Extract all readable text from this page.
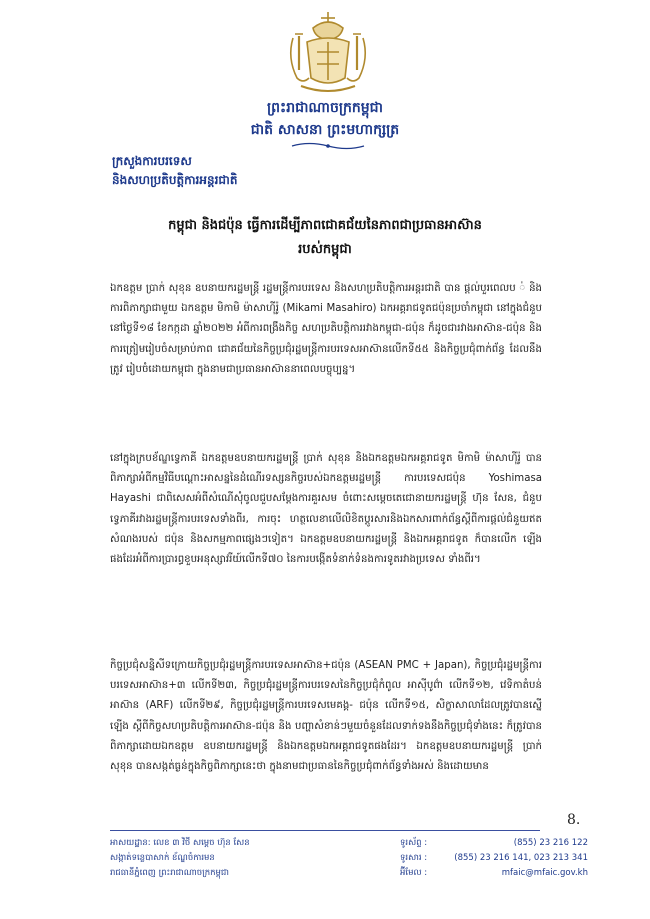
ព្រះរាជាណាចក្រកម្ពុជា
ជាតិ សាសនា ព្រះមហាក្សត្រ
ក្រសួងការបរទេស
និងសហប្រតិបត្តិការអន្តរជាតិ
កម្ពុជា និងជប៉ុន ធ្វើការដើម្បីភាពជោគជ័យនៃភាពជាប្រធានអាស៊ាន
របស់កម្ពុជា
ឯកឧត្តម ប្រាក់ សុខុន ឧបនាយករដ្ឋមន្ត្រី រដ្ឋមន្ត្រីការបរទេស និងសហប្រតិបត្តិការអន្តរជាតិ បាន ផ្ដល់បួរពេលប ់ និងការពិភាក្សាជាមួយ ឯកឧត្តម មិកាមិ ម៉ាសាហ៊ីរ៉ូ (Mikami Masahiro) ឯកអគ្គរាជទូតជប៉ុនប្រចាំកម្ពុជា នៅក្នុងជំនួបនៅថ្ងៃទី១៨ ខែកក្កដា ឆ្នាំ២០២២ អំពីការពង្រឹងកិច្ច សហប្រតិបត្តិការរវាងកម្ពុជា-ជប៉ុន ក៏ដូចជារវាងអាស៊ាន-ជប៉ុន និងការត្រៀមរៀបចំសម្រាប់ភាព ជោគជ័យនៃកិច្ចប្រជុំរដ្ឋមន្ត្រីការបរទេសអាស៊ានលើកទី៥៥ និងកិច្ចប្រជុំពាក់ព័ន្ធ ដែលនឹងត្រូវ រៀបចំដោយកម្ពុជា ក្នុងនាមជាប្រធានអាស៊ាននាពេលបច្ចុប្បន្ន។
នៅក្នុងក្របខ័ណ្ឌទ្វេភាគី ឯកឧត្តមឧបនាយករដ្ឋមន្ត្រី ប្រាក់ សុខុន និងឯកឧត្តមឯកអគ្គរាជទូត មិកាមិ ម៉ាសាហ៊ីរ៉ូ បានពិភាក្សាអំពីកម្មវិធីបណ្ដោះអាសន្ននៃដំណើរទស្សនកិច្ចរបស់ឯកឧត្តមរដ្ឋមន្ត្រី ការបរទេសជប៉ុន Yoshimasa Hayashi ជាពិសេសអំពីសំណើសុំចូលជួបសម្ដែងការគួរសម ចំពោះសម្ដេចតេជោនាយករដ្ឋមន្ត្រី ហ៊ុន សែន, ជំនួបទ្វេភាគីរវាងរដ្ឋមន្ត្រីការបរទេសទាំងពីរ, ការចុះ ហត្ថលេខាលើលិខិតប្ដូរសារនិងឯកសារពាក់ព័ន្ធស្ដីពីការផ្ដល់ជំនួយឥតសំណងរបស់ ជប៉ុន និងសកម្មភាពផ្សេងៗទៀត។ ឯកឧត្តមឧបនាយករដ្ឋមន្ត្រី និងឯកអគ្គរាជទូត ក៏បានលើក ឡើងផងដែរអំពីការប្រារព្ធខួបអនុស្សាវរីយ៍លើកទី៧០ នៃការបង្កើតទំនាក់ទំនងការទូតរវាងប្រទេស ទាំងពីរ។
កិច្ចប្រជុំសន្និសីទក្រោយកិច្ចប្រជុំរដ្ឋមន្ត្រីការបរទេសអាស៊ាន+ជប៉ុន (ASEAN PMC + Japan), កិច្ចប្រជុំរដ្ឋមន្ត្រីការបរទេសអាស៊ាន+៣ លើកទី២៣, កិច្ចប្រជុំរដ្ឋមន្ត្រីការបរទេសនៃកិច្ចប្រជុំកំពូល អាស៊ីបូព៌ា លើកទី១២, វេទិកាតំបន់អាស៊ាន (ARF) លើកទី២៩, កិច្ចប្រជុំរដ្ឋមន្ត្រីការបរទេសមេគង្គ- ជប៉ុន លើកទី១៥, សិក្ខាសាលាដែលត្រូវបានស្នើឡើង ស្ដីពីកិច្ចសហប្រតិបត្តិការអាស៊ាន-ជប៉ុន និង បញ្ហាសំខាន់ៗមួយចំនួនដែលទាក់ទងនឹងកិច្ចប្រជុំទាំងនេះ ក៏ត្រូវបានពិភាក្សាដោយឯកឧត្តម ឧបនាយករដ្ឋមន្ត្រី និងឯកឧត្តមឯកអគ្គរាជទូតផងដែរ។ ឯកឧត្តមឧបនាយករដ្ឋមន្ត្រី ប្រាក់ សុខុន បានសង្កត់ធ្ងន់ក្នុងកិច្ចពិភាក្សានេះថា ក្នុងនាមជាប្រធាននៃកិច្ចប្រជុំពាក់ព័ន្ធទាំងអស់ និងដោយមាន
8.
អាសយដ្ឋាន: លេខ ៣ វិថី សម្ដេច ហ៊ុន សែន
សង្កាត់ទន្លេបាសាក់ ខ័ណ្ឌចំការមន
រាជធានីភ្នំពេញ ព្រះរាជាណាចក្រកម្ពុជា
ទូរស័ព្ទ :	(855) 23 216 122
ទូរសារ :	(855) 23 216 141, 023 213 341
អ៊ីមែល :	mfaic@mfaic.gov.kh
